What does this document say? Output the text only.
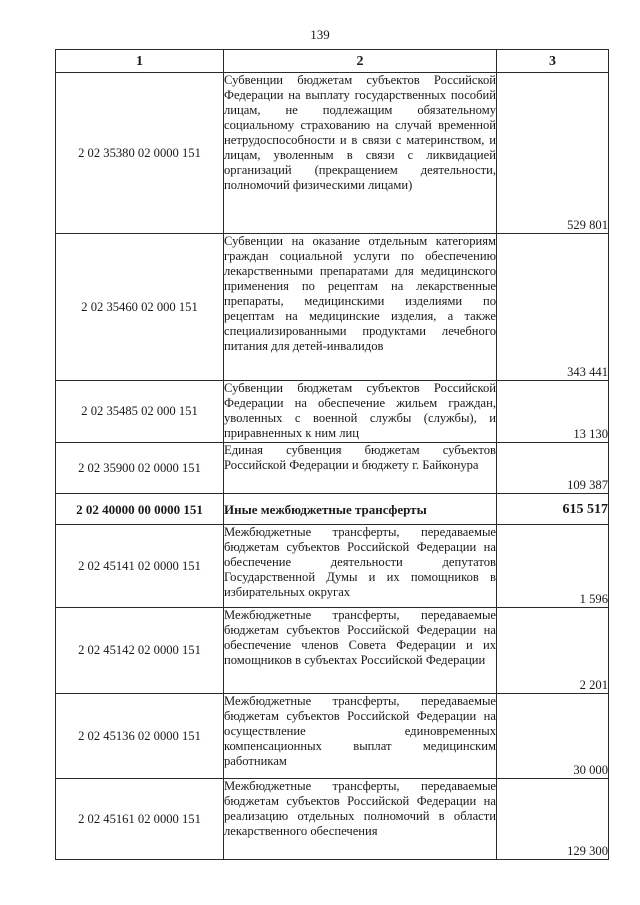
139
1	2	3
2 02 35380 02 0000 151	Субвенции бюджетам субъектов Российской Федерации на выплату государственных пособий лицам, не подлежащим обязательному социальному страхованию на случай временной нетрудоспособности и в связи с материнством, и лицам, уволенным в связи с ликвидацией организаций (прекращением деятельности, полномочий физическими лицами)	529 801
2 02 35460 02 000 151	Субвенции на оказание отдельным категориям граждан социальной услуги по обеспечению лекарственными препаратами для медицинского применения по рецептам на лекарственные препараты, медицинскими изделиями по рецептам на медицинские изделия, а также специализированными продуктами лечебного питания для детей-инвалидов	343 441
2 02 35485 02 000 151	Субвенции бюджетам субъектов Российской Федерации на обеспечение жильем граждан, уволенных с военной службы (службы), и приравненных к ним лиц	13 130
2 02 35900 02 0000 151	Единая субвенция бюджетам субъектов Российской Федерации и бюджету г. Байконура	109 387
2 02 40000 00 0000 151	Иные межбюджетные трансферты	615 517
2 02 45141 02 0000 151	Межбюджетные трансферты, передаваемые бюджетам субъектов Российской Федерации на обеспечение деятельности депутатов Государственной Думы и их помощников в избирательных округах	1 596
2 02 45142 02 0000 151	Межбюджетные трансферты, передаваемые бюджетам субъектов Российской Федерации на обеспечение членов Совета Федерации и их помощников в субъектах Российской Федерации	2 201
2 02 45136 02 0000 151	Межбюджетные трансферты, передаваемые бюджетам субъектов Российской Федерации на осуществление единовременных компенсационных выплат медицинским работникам	30 000
2 02 45161 02 0000 151	Межбюджетные трансферты, передаваемые бюджетам субъектов Российской Федерации на реализацию отдельных полномочий в области лекарственного обеспечения	129 300
